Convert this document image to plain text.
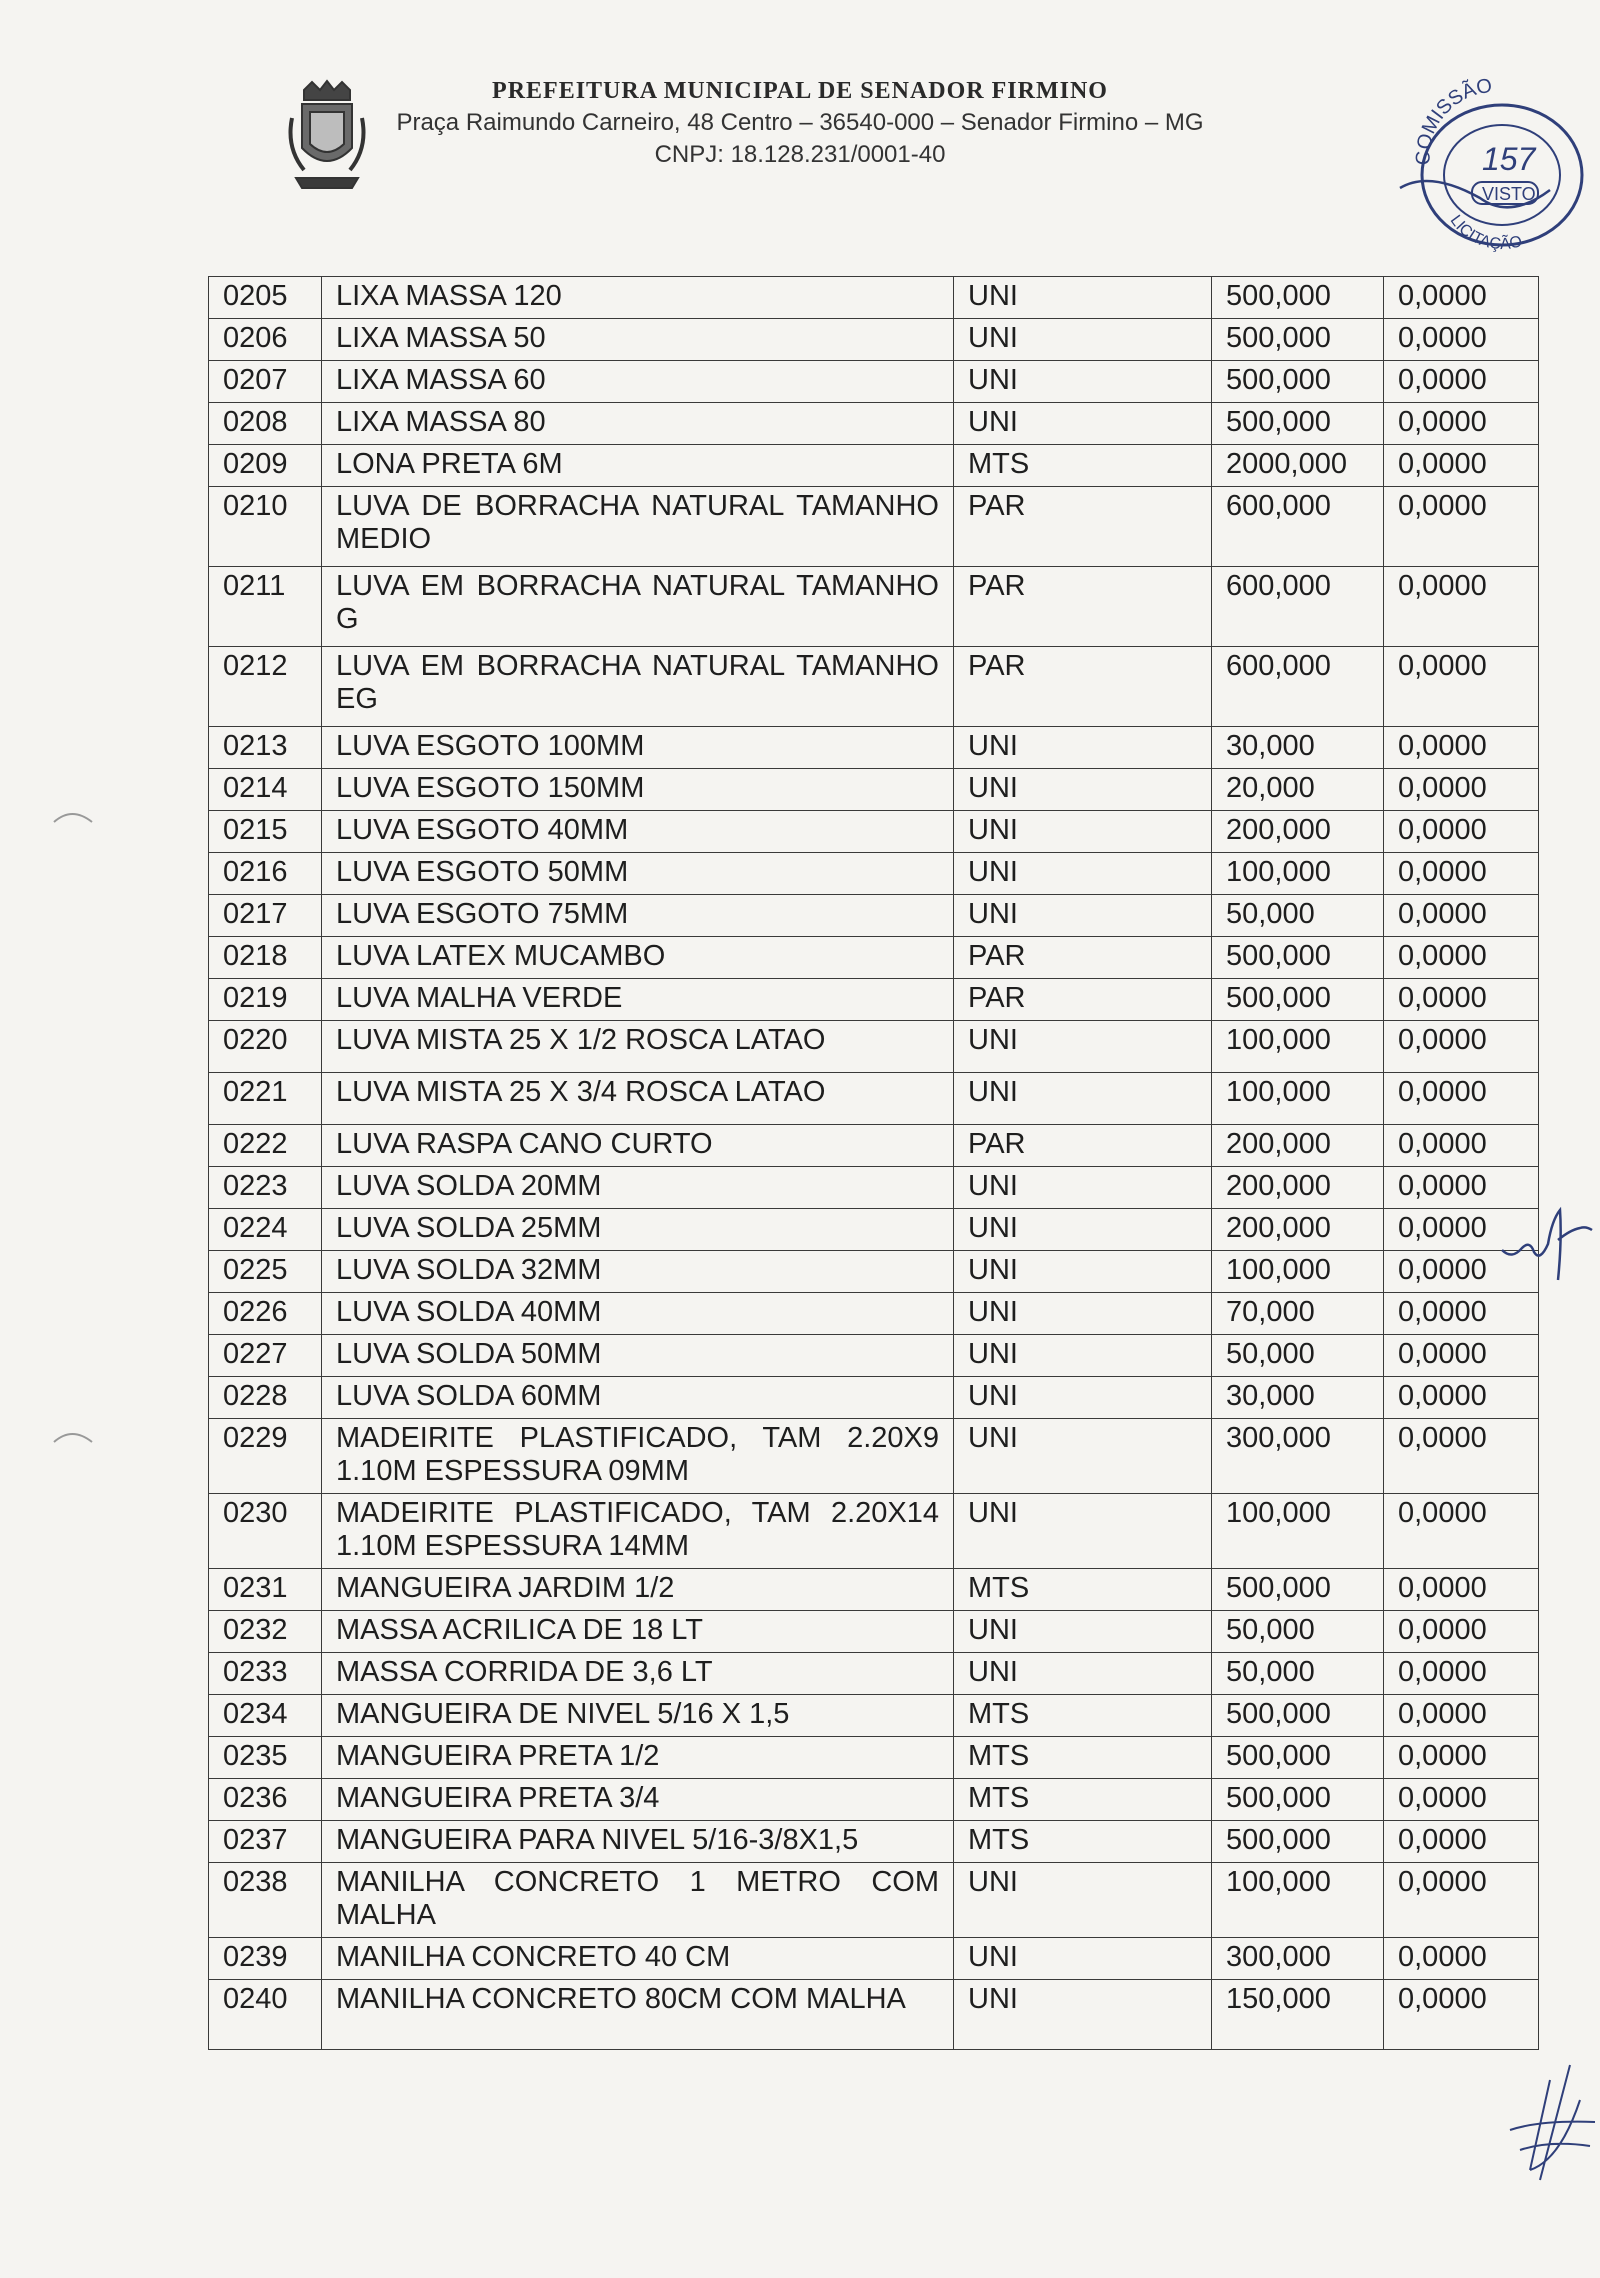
PREFEITURA MUNICIPAL DE SENADOR FIRMINO
Praça Raimundo Carneiro, 48 Centro – 36540-000 – Senador Firmino – MG
CNPJ: 18.128.231/0001-40	COMISSÃO
157
VISTO
LICITAÇÃO
0205	LIXA MASSA 120	UNI	500,000	0,0000
0206	LIXA MASSA 50	UNI	500,000	0,0000
0207	LIXA MASSA 60	UNI	500,000	0,0000
0208	LIXA MASSA 80	UNI	500,000	0,0000
0209	LONA PRETA 6M	MTS	2000,000	0,0000
0210	LUVA DE BORRACHA NATURAL TAMANHO MEDIO	PAR	600,000	0,0000
0211	LUVA EM BORRACHA NATURAL TAMANHO G	PAR	600,000	0,0000
0212	LUVA EM BORRACHA NATURAL TAMANHO EG	PAR	600,000	0,0000
0213	LUVA ESGOTO 100MM	UNI	30,000	0,0000
0214	LUVA ESGOTO 150MM	UNI	20,000	0,0000
0215	LUVA ESGOTO 40MM	UNI	200,000	0,0000
0216	LUVA ESGOTO 50MM	UNI	100,000	0,0000
0217	LUVA ESGOTO 75MM	UNI	50,000	0,0000
0218	LUVA LATEX MUCAMBO	PAR	500,000	0,0000
0219	LUVA MALHA VERDE	PAR	500,000	0,0000
0220	LUVA MISTA 25 X 1/2 ROSCA LATAO	UNI	100,000	0,0000
0221	LUVA MISTA 25 X 3/4 ROSCA LATAO	UNI	100,000	0,0000
0222	LUVA RASPA CANO CURTO	PAR	200,000	0,0000
0223	LUVA SOLDA 20MM	UNI	200,000	0,0000
0224	LUVA SOLDA 25MM	UNI	200,000	0,0000
0225	LUVA SOLDA 32MM	UNI	100,000	0,0000
0226	LUVA SOLDA 40MM	UNI	70,000	0,0000
0227	LUVA SOLDA 50MM	UNI	50,000	0,0000
0228	LUVA SOLDA 60MM	UNI	30,000	0,0000
0229	MADEIRITE PLASTIFICADO, TAM 2.20X9 1.10M ESPESSURA 09MM	UNI	300,000	0,0000
0230	MADEIRITE PLASTIFICADO, TAM 2.20X14 1.10M ESPESSURA 14MM	UNI	100,000	0,0000
0231	MANGUEIRA JARDIM 1/2	MTS	500,000	0,0000
0232	MASSA ACRILICA DE 18 LT	UNI	50,000	0,0000
0233	MASSA CORRIDA DE 3,6 LT	UNI	50,000	0,0000
0234	MANGUEIRA DE NIVEL 5/16 X 1,5	MTS	500,000	0,0000
0235	MANGUEIRA PRETA 1/2	MTS	500,000	0,0000
0236	MANGUEIRA PRETA 3/4	MTS	500,000	0,0000
0237	MANGUEIRA PARA NIVEL 5/16-3/8X1,5	MTS	500,000	0,0000
0238	MANILHA CONCRETO 1 METRO COM MALHA	UNI	100,000	0,0000
0239	MANILHA CONCRETO 40 CM	UNI	300,000	0,0000
0240	MANILHA CONCRETO 80CM COM MALHA	UNI	150,000	0,0000
